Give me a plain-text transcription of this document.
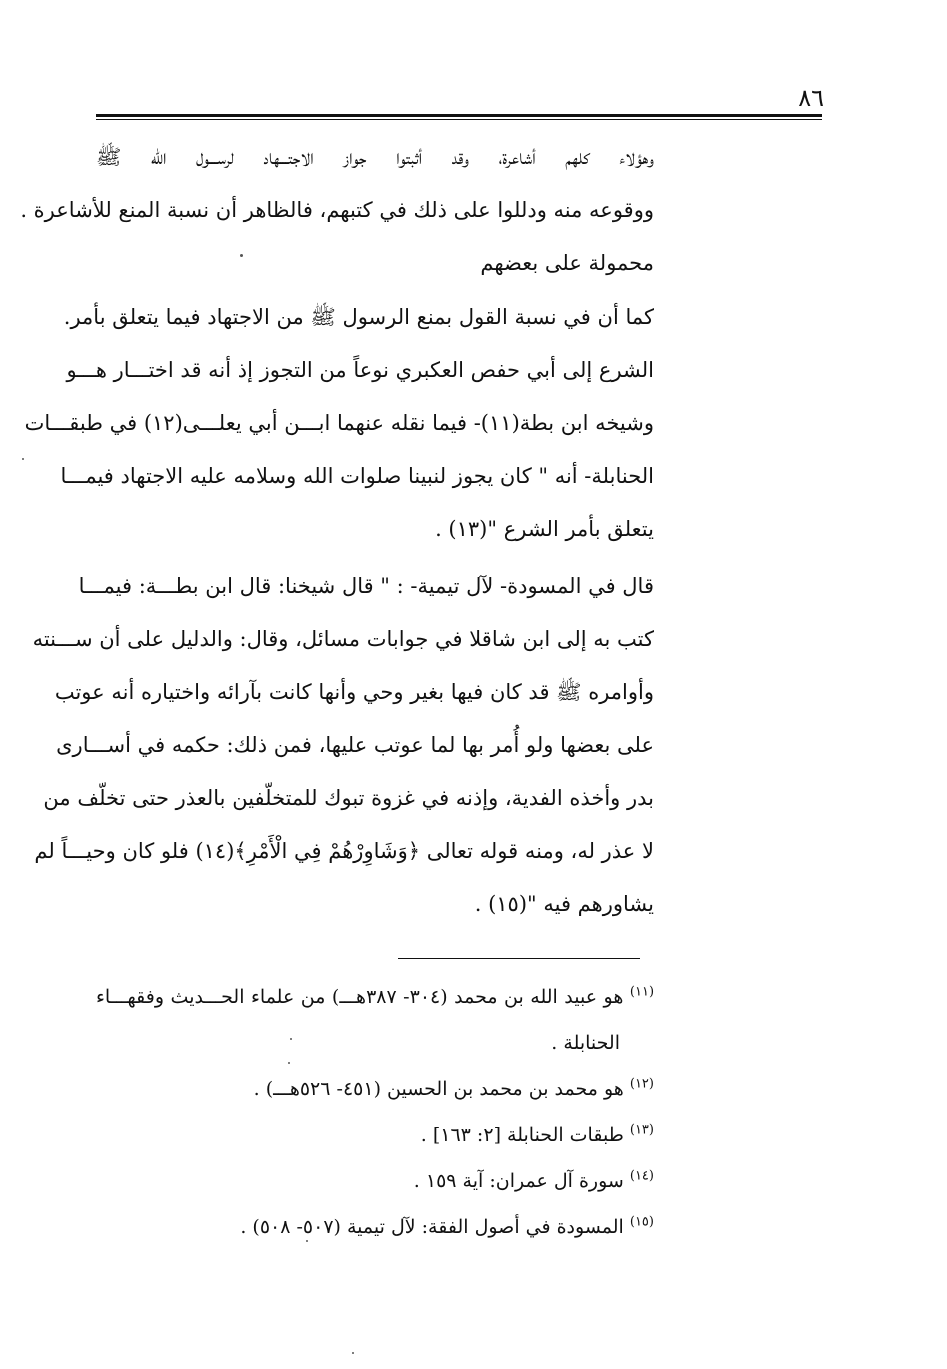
٨٦
وهؤلاء كلهم أشاعرة، وقد أثبتوا جواز الاجتـــهاد لرســـول الله ﷺ
ووقوعه منه ودللوا على ذلك في كتبهم، فالظاهر أن نسبة المنع للأشاعرة .
محمولة على بعضهم
كما أن في نسبة القول بمنع الرسول ﷺ من الاجتهاد فيما يتعلق بأمر.
الشرع إلى أبي حفص العكبري نوعاً من التجوز إذ أنه قد اختـــار هـــو
وشيخه ابن بطة(١١)- فيما نقله عنهما ابـــن أبي يعلـــى(١٢) في طبقـــات
الحنابلة- أنه " كان يجوز لنبينا صلوات الله وسلامه عليه الاجتهاد فيمـــا
يتعلق بأمر الشرع "(١٣) .
قال في المسودة- لآل تيمية- : " قال شيخنا: قال ابن بطـــة: فيمـــا
كتب به إلى ابن شاقلا في جوابات مسائل، وقال: والدليل على أن ســـنته
وأوامره ﷺ قد كان فيها بغير وحي وأنها كانت بآرائه واختياره أنه عوتب
على بعضها ولو أُمر بها لما عوتب عليها، فمن ذلك: حكمه في أســـارى
بدر وأخذه الفدية، وإذنه في غزوة تبوك للمتخلّفين بالعذر حتى تخلّف من
لا عذر له، ومنه قوله تعالى ﴿وَشَاوِرْهُمْ فِي الْأَمْرِ﴾(١٤) فلو كان وحيـــاً لم
يشاورهم فيه "(١٥) .
$^{(١١)}$ هو عبيد الله بن محمد (٣٠٤- ٣٨٧هـــ) من علماء الحـــديث وفقهـــاء
الحنابلة .
$^{(١٢)}$ هو محمد بن محمد بن الحسين (٤٥١- ٥٢٦هـــ) .
$^{(١٣)}$ طبقات الحنابلة [٢: ١٦٣] .
$^{(١٤)}$ سورة آل عمران: آية ١٥٩ .
$^{(١٥)}$ المسودة في أصول الفقة: لآل تيمية (٥٠٧- ٥٠٨) .
